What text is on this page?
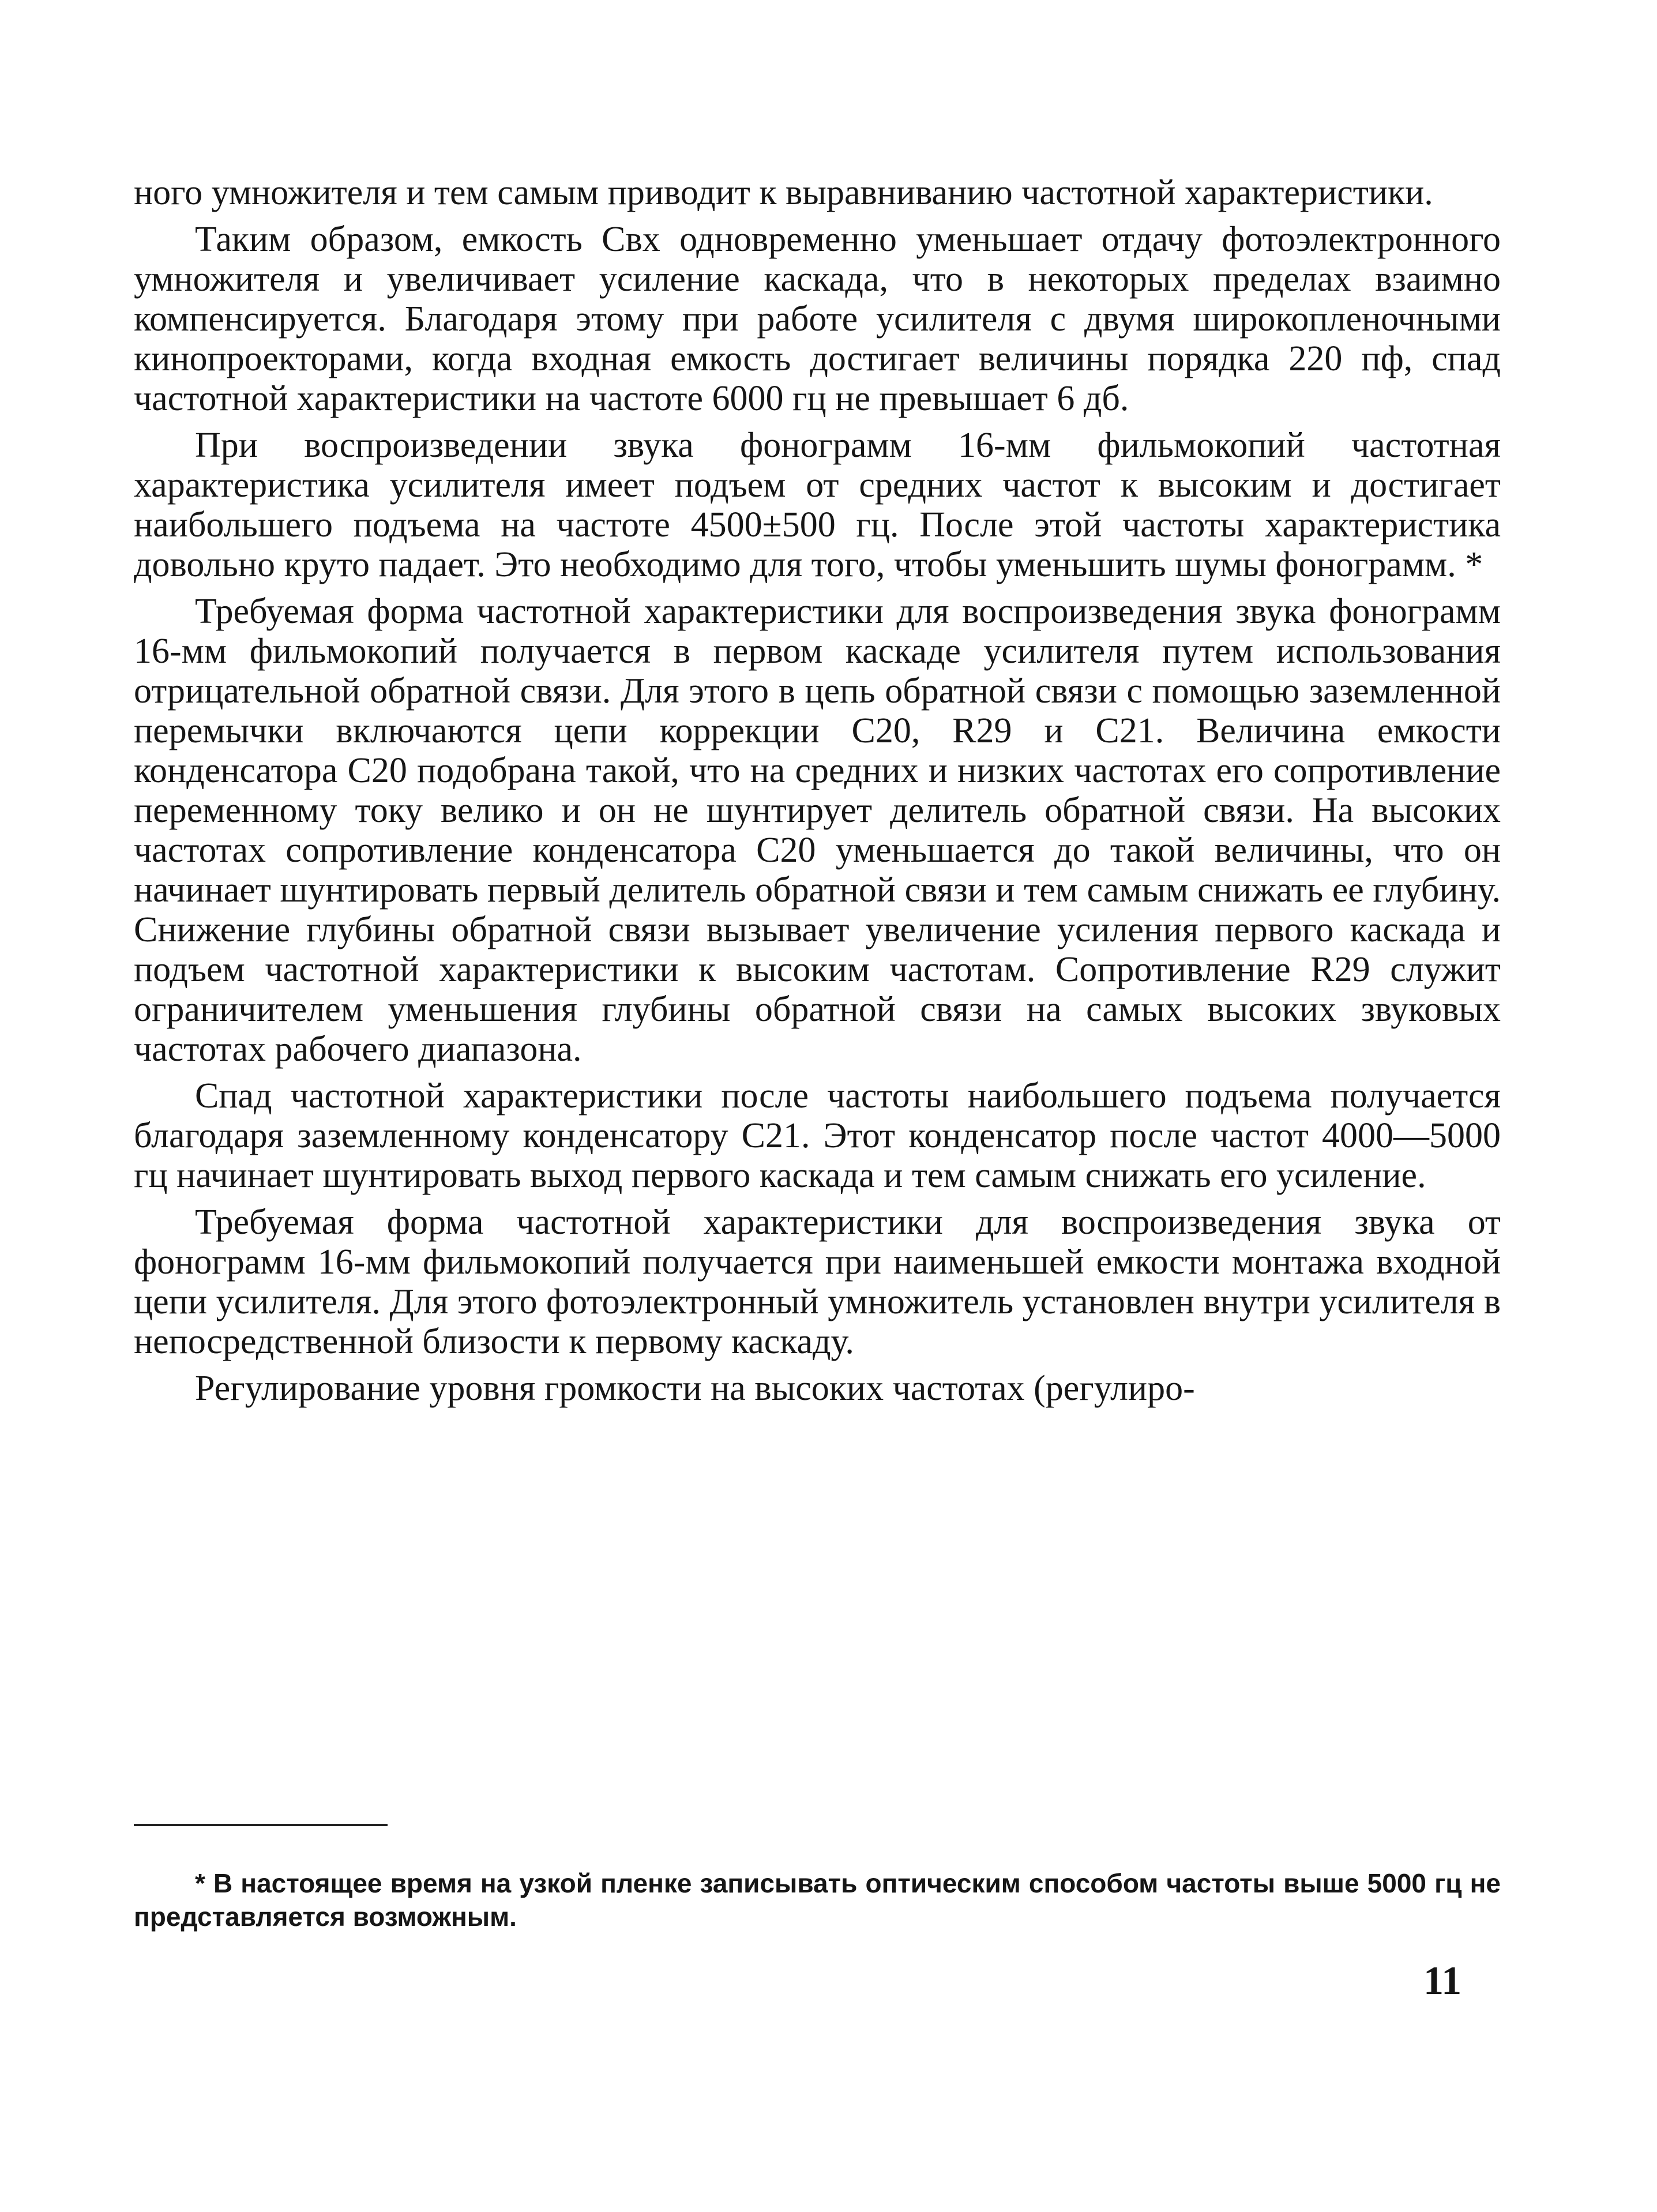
ного умножителя и тем самым приводит к выравниванию частотной характеристики.

Таким образом, емкость Свх одновременно уменьшает отдачу фотоэлектронного умножителя и увеличивает усиление каскада, что в некоторых пределах взаимно компенсируется. Благодаря этому при работе усилителя с двумя широкопленочными кинопроекторами, когда входная емкость достигает величины порядка 220 пф, спад частотной характеристики на частоте 6000 гц не превышает 6 дб.

При воспроизведении звука фонограмм 16-мм фильмокопий частотная характеристика усилителя имеет подъем от средних частот к высоким и достигает наибольшего подъема на частоте 4500±500 гц. После этой частоты характеристика довольно круто падает. Это необходимо для того, чтобы уменьшить шумы фонограмм. *

Требуемая форма частотной характеристики для воспроизведения звука фонограмм 16-мм фильмокопий получается в первом каскаде усилителя путем использования отрицательной обратной связи. Для этого в цепь обратной связи с помощью заземленной перемычки включаются цепи коррекции С20, R29 и С21. Величина емкости конденсатора С20 подобрана такой, что на средних и низких частотах его сопротивление переменному току велико и он не шунтирует делитель обратной связи. На высоких частотах сопротивление конденсатора С20 уменьшается до такой величины, что он начинает шунтировать первый делитель обратной связи и тем самым снижать ее глубину. Снижение глубины обратной связи вызывает увеличение усиления первого каскада и подъем частотной характеристики к высоким частотам. Сопротивление R29 служит ограничителем уменьшения глубины обратной связи на самых высоких звуковых частотах рабочего диапазона.

Спад частотной характеристики после частоты наибольшего подъема получается благодаря заземленному конденсатору С21. Этот конденсатор после частот 4000—5000 гц начинает шунтировать выход первого каскада и тем самым снижать его усиление.

Требуемая форма частотной характеристики для воспроизведения звука от фонограмм 16-мм фильмокопий получается при наименьшей емкости монтажа входной цепи усилителя. Для этого фотоэлектронный умножитель установлен внутри усилителя в непосредственной близости к первому каскаду.

Регулирование уровня громкости на высоких частотах (регулиро-

* В настоящее время на узкой пленке записывать оптическим способом частоты выше 5000 гц не представляется возможным.

11
